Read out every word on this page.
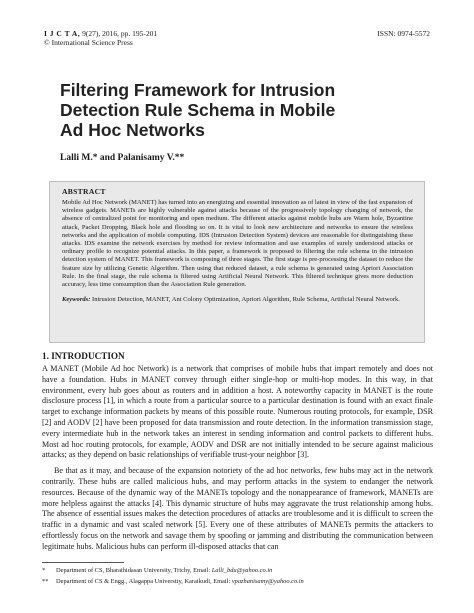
I J C T A, 9(27), 2016, pp. 195-201
© International Science Press
ISSN: 0974-5572
Filtering Framework for Intrusion
Detection Rule Schema in Mobile
Ad Hoc Networks
Lalli M.* and Palanisamy V.**
ABSTRACT
Mobile Ad Hoc Network (MANET) has turned into an energizing and essential innovation as of latest in view of the fast expansion of wireless gadgets. MANETs are highly vulnerable against attacks because of the progressively topology changing of network, the absence of centralized point for monitoring and open medium. The different attacks against mobile hubs are Warm hole, Byzantine attack, Packet Dropping, Black hole and flooding so on. It is vital to look new architecture and networks to ensure the wireless networks and the application of mobile computing. IDS (Intrusion Detection System) devices are reasonable for distinguishing these attacks. IDS examine the network exercises by method for review information and use examples of surely understood attacks or ordinary profile to recognize potential attacks. In this paper, a framework is proposed to filtering the rule schema in the intrusion detection system of MANET. This framework is composing of three stages. The first stage is pre-processing the dataset to reduce the feature size by utilizing Genetic Algorithm. Then using that reduced dataset, a rule schema is generated using Apriori Association Rule. In the final stage, the rule schema is filtered using Artificial Neural Network. This filtered technique gives more deduction accuracy, less time consumption than the Association Rule generation.
Keywords: Intrusion Detection, MANET, Ant Colony Optimization, Apriori Algorithm, Rule Schema, Artificial Neural Network.
1. INTRODUCTION

A MANET (Mobile Ad hoc Network) is a network that comprises of mobile hubs that impart remotely and does not have a foundation. Hubs in MANET convey through either single-hop or multi-hop modes. In this way, in that environment, every hub goes about as routers and in addition a host. A noteworthy capacity in MANET is the route disclosure process [1], in which a route from a particular source to a particular destination is found with an exact finale target to exchange information packets by means of this possible route. Numerous routing protocols, for example, DSR [2] and AODV [2] have been proposed for data transmission and route detection. In the information transmission stage, every intermediate hub in the network takes an interest in sending information and control packets to different hubs. Most ad hoc routing protocols, for example, AODV and DSR are not initially intended to be secure against malicious attacks; as they depend on basic relationships of verifiable trust-your neighbor [3].

Be that as it may, and because of the expansion notoriety of the ad hoc networks, few hubs may act in the network contrarily. These hubs are called malicious hubs, and may perform attacks in the system to endanger the network resources. Because of the dynamic way of the MANETs topology and the nonappearance of framework, MANETs are more helpless against the attacks [4]. This dynamic structure of hubs may aggravate the trust relationship among hubs. The absence of essential issues makes the detection procedures of attacks are troublesome and it is difficult to screen the traffic in a dynamic and vast scaled network [5]. Every one of these attributes of MANETs permits the attackers to effortlessly focus on the network and savage them by spoofing or jamming and distributing the communication between legitimate hubs. Malicious hubs can perform ill-disposed attacks that can

* Department of CS, Bharathidasan University, Trichy, Email: Lalli_bdu@yahoo.co.in
** Department of CS & Engg., Alagappa Universtiy, Karaikudi, Email: vpazhanisamy@yahoo.co.in
